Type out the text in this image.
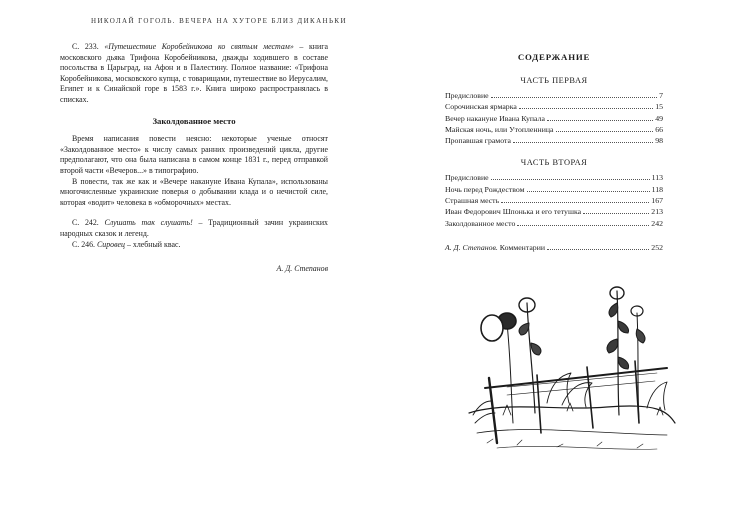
НИКОЛАЙ ГОГОЛЬ. ВЕЧЕРА НА ХУТОРЕ БЛИЗ ДИКАНЬКИ

С. 233. «Путешествие Коробейникова ко святым местам» – книга московского дьяка Трифона Коробейникова, дважды ходившего в составе посольства в Царьград, на Афон и в Палестину. Полное название: «Трифона Коробейникова, московского купца, с товарищами, путешествие во Иерусалим, Египет и к Синайской горе в 1583 г.». Книга широко распространялась в списках.

Заколдованное место

Время написания повести неясно: некоторые ученые относят «Заколдованное место» к числу самых ранних произведений цикла, другие предполагают, что она была написана в самом конце 1831 г., перед отправкой второй части «Вечеров...» в типографию.

В повести, так же как и «Вечере накануне Ивана Купала», использованы многочисленные украинские поверья о добывании клада и о нечистой силе, которая «водит» человека в «обморочных» местах.

С. 242. Слушать так слушать! – Традиционный зачин украинских народных сказок и легенд.

С. 246. Сировец – хлебный квас.

А. Д. Степанов

СОДЕРЖАНИЕ
ЧАСТЬ ПЕРВАЯ
Предисловие	7
Сорочинская ярмарка	15
Вечер накануне Ивана Купала	49
Майская ночь, или Утопленница	66
Пропавшая грамота	98
ЧАСТЬ ВТОРАЯ
Предисловие	113
Ночь перед Рождеством	118
Страшная месть	167
Иван Федорович Шпонька и его тетушка	213
Заколдованное место	242
А. Д. Степанов. Комментарии	252
